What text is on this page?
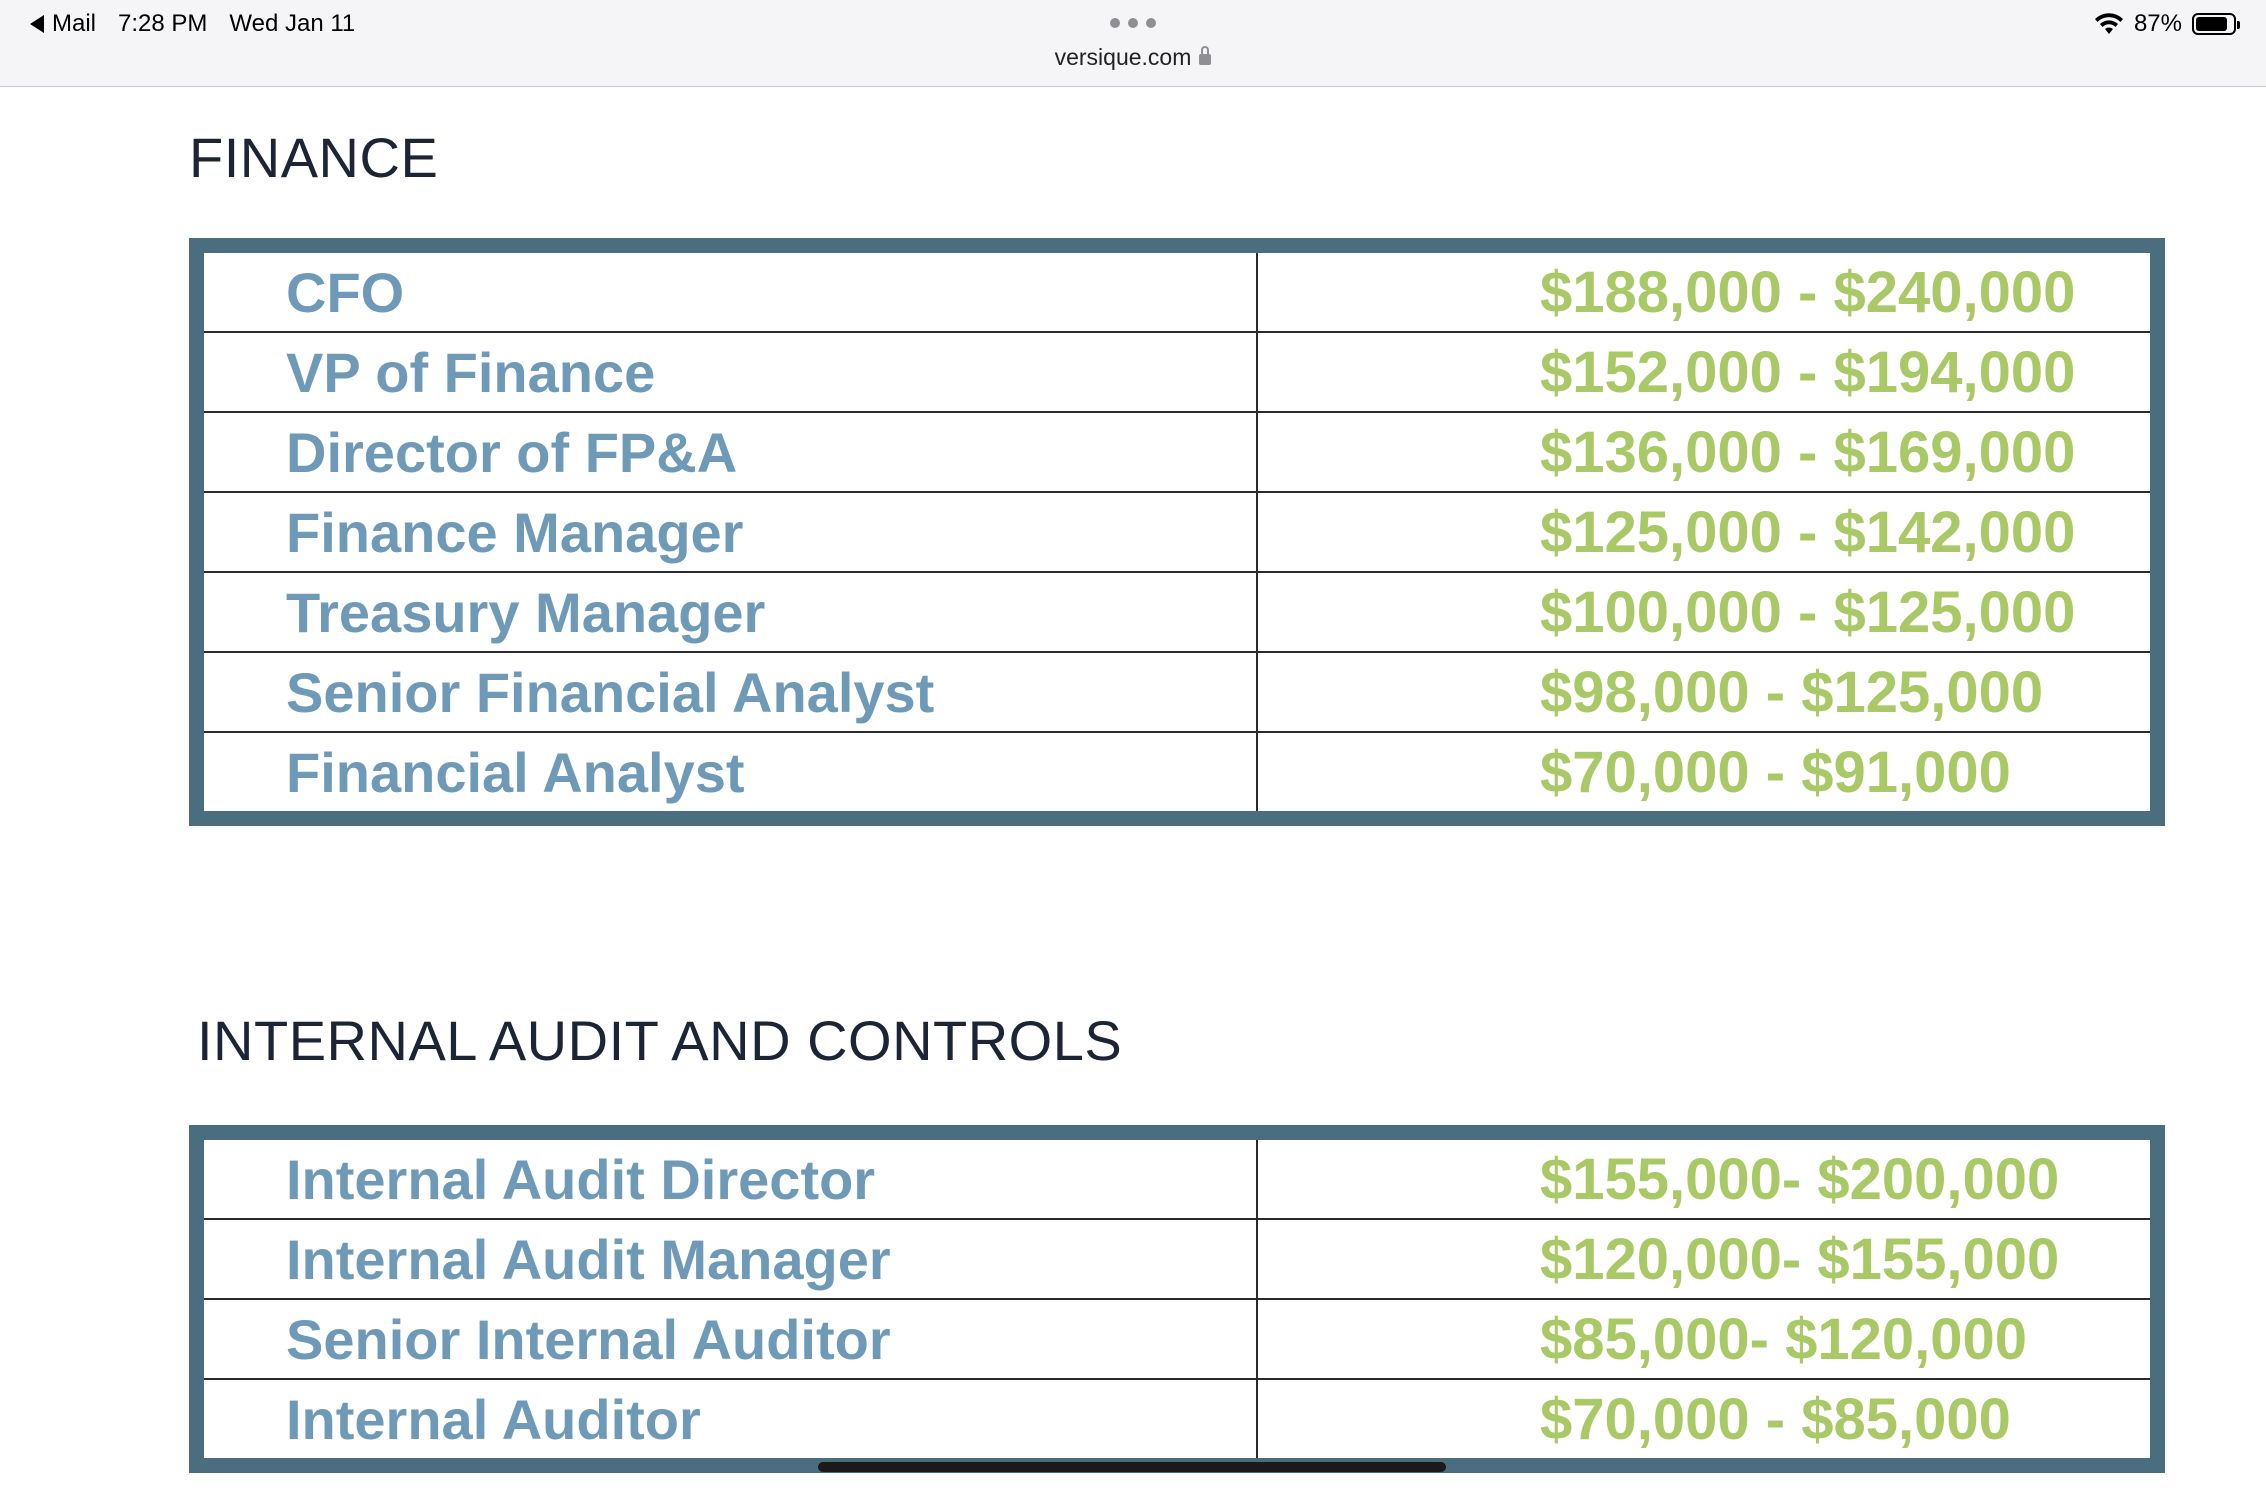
Mail 7:28 PM Wed Jan 11
versique.com
87%
FINANCE
CFO	$188,000 - $240,000
VP of Finance	$152,000 - $194,000
Director of FP&A	$136,000 - $169,000
Finance Manager	$125,000 - $142,000
Treasury Manager	$100,000 - $125,000
Senior Financial Analyst	$98,000 - $125,000
Financial Analyst	$70,000 - $91,000
INTERNAL AUDIT AND CONTROLS
Internal Audit Director	$155,000- $200,000
Internal Audit Manager	$120,000- $155,000
Senior Internal Auditor	$85,000- $120,000
Internal Auditor	$70,000 - $85,000
